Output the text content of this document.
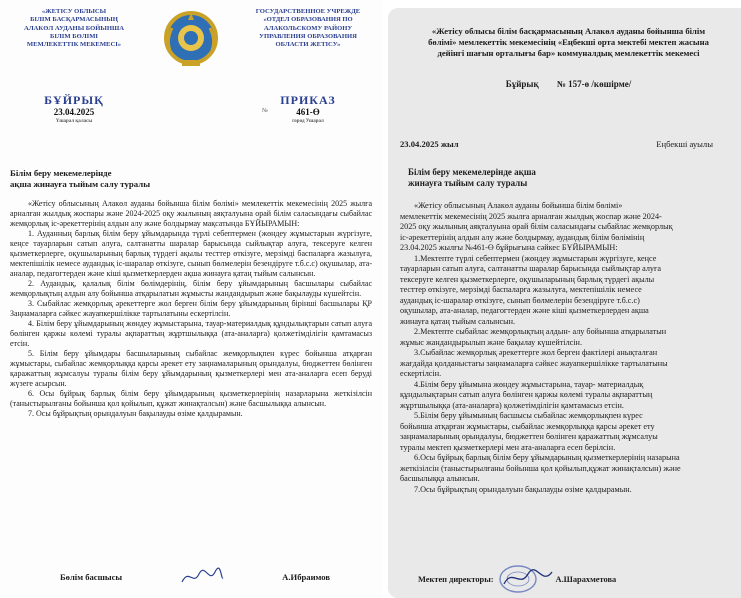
«ЖЕТІСУ ОБЛЫСЫ
БІЛІМ БАСҚАРМАСЫНЫҢ
АЛАКӨЛ АУДАНЫ БОЙЫНША
БІЛІМ БӨЛІМІ
МЕМЛЕКЕТТІК МЕКЕМЕСІ»
ГОСУДАРСТВЕННОЕ УЧРЕЖДЕ
«ОТДЕЛ ОБРАЗОВАНИЯ ПО
АЛАКОЛЬСКОМУ РАЙОНУ
УПРАВЛЕНИЯ ОБРАЗОВАНИЯ
ОБЛАСТИ ЖЕТІСУ»
БҰЙРЫҚ
23.04.2025
Үшарал қаласы
ПРИКАЗ
461-Ө
город Ушарал
№
Білім беру мекемелерінде
ақша жинауға тыйым салу туралы

«Жетісу облысының Алакөл ауданы бойынша білім бөлімі» мемлекеттік мекемесінің 2025 жылға арналған жылдық жоспары және 2024-2025 оқу жылының аяқталуына орай білім саласындағы сыбайлас жемқорлық іс-әрекеттерінің алдын алу және болдырмау мақсатында БҰЙЫРАМЫН:

1. Ауданның барлық білім беру ұйымдарында түрлі себептермен (жөндеу жұмыстарын жүргізуге, кеңсе тауарларын сатып алуға, салтанатты шаралар барысында сыйлықтар алуға, тексеруге келген қызметкерлерге, оқушыларының барлық түрдегі ақылы тесттер өткізуге, мерзімді баспаларға жазылуға, мектепішілік немесе аудандық іс-шаралар өткізуге, сынып бөлмелерін безендіруге т.б.с.с) оқушылар, ата-аналар, педагогтерден және кіші қызметкерлерден ақша жинауға қатаң тыйым салынсын.

2. Аудандық, қалалық білім бөлімдерінің, білім беру ұйымдарының басшылары сыбайлас жемқорлықтың алдын алу бойынша атқарылатын жұмысты жандандырып және бақылауды күшейтсін.

3. Сыбайлас жемқорлық әрекеттерге жол берген білім беру ұйымдарының бірінші басшылары ҚР Заңнамаларға сәйкес жауапкершілікке тартылатыны ескертілсін.

4. Білім беру ұйымдарының жөндеу жұмыстарына, тауар-материалдық құндылықтарын сатып алуға бөлінген қаржы көлемі туралы ақпараттың жұртшылыққа (ата-аналарға) қолжетімділігін қамтамасыз етсін.

5. Білім беру ұйымдары басшыларының сыбайлас жемқорлықпен күрес бойынша атқарған жұмыстары, сыбайлас жемқорлыққа қарсы әрекет ету заңнамаларының орындалуы, бюджеттен бөлінген қаражаттың жұмсалуы туралы білім беру ұйымдарының қызметкерлері мен ата-аналарға есеп беруді жүзеге асырсын.

6. Осы бұйрық барлық білім беру ұйымдарының қызметкерлерінің назарларына жеткізілсін (таныстырылғаны бойынша қол қойылып, құжат жинақталсын) және басшылыққа алынсын.

7. Осы бұйрықтың орындалуын бақылауды өзіме қалдырамын.

Бөлім басшысы	А.Ибраимов
«Жетісу облысы білім басқармасының Алакөл ауданы бойынша білім
бөлімі» мемлекеттік мекемесінің «Еңбекші орта мектебі мектеп жасына
дейінгі шағын орталығы бар» коммуналдық мемлекеттік мекемесі
Бұйрық № 157-ө /көшірме/
23.04.2025 жыл	Еңбекші ауылы
Білім беру мекемелерінде ақша
жинауға тыйым салу туралы

«Жетісу облысының Алакөл ауданы бойынша білім бөлімі»

мемлекеттік мекемесінің 2025 жылға арналған жылдық жоспар және 2024-

2025 оқу жылының аяқталуына орай білім саласындағы сыбайлас жемқорлық

іс-әрекеттерінің алдын алу және болдырмау, аудандық білім бөлімінің

23.04.2025 жылғы №461-Ө бұйрығына сәйкес БҰЙЫРАМЫН:

1.Мектепте түрлі себептермен (жөндеу жұмыстарын жүргізуге, кеңсе

тауарларын сатып алуға, салтанатты шаралар барысында сыйлықтар алуға

тексеруге келген қызметкерлерге, оқушыларының барлық түрдегі ақылы

тесттер өткізуге, мерзімді баспаларға жазылуға, мектепішілік немесе

аудандық іс-шаралар өткізуге, сынып бөлмелерін безендіруге т.б.с.с)

оқушылар, ата-аналар, педагогтерден және кіші қызметкерлерден ақша

жинауға қатаң тыйым салынсын.

2.Мектепте сыбайлас жемқорлықтың алдын- алу бойынша атқарылатын

жұмыс жандандырылып және бақылау күшейтілсін.

3.Сыбайлас жемқорлық әрекеттерге жол берген фактілері анықталған

жағдайда қолданыстағы заңнамаларға сәйкес жауапкершілікке тартылатыны

ескертілсін.

4.Білім беру ұйымына жөндеу жұмыстарына, тауар- материалдық

құндылықтарын сатып алуға бөлінген қаржы көлемі туралы ақпараттың

жұртшылыққа (ата-аналарға) қолжетімділігін қамтамасыз етсін.

5.Білім беру ұйымының басшысы сыбайлас жемқорлықпен күрес

бойынша атқарған жұмыстары, сыбайлас жемқорлыққа қарсы әрекет ету

заңнамаларының орындалуы, бюджеттен бөлінген қаражаттың жұмсалуы

туралы мектеп қызметкерлері мен ата-аналарға есеп берілсін.

6.Осы бұйрық барлық білім беру ұйымдарының қызметкерлерінің назарына

жеткізілсін (таныстырылғаны бойынша қол қойылып,құжат жинақталсын) және

басшылыққа алынсын.

7.Осы бұйрықтың орындалуын бақылауды өзіме қалдырамын.

Мектеп директоры:	А.Шарахметова
